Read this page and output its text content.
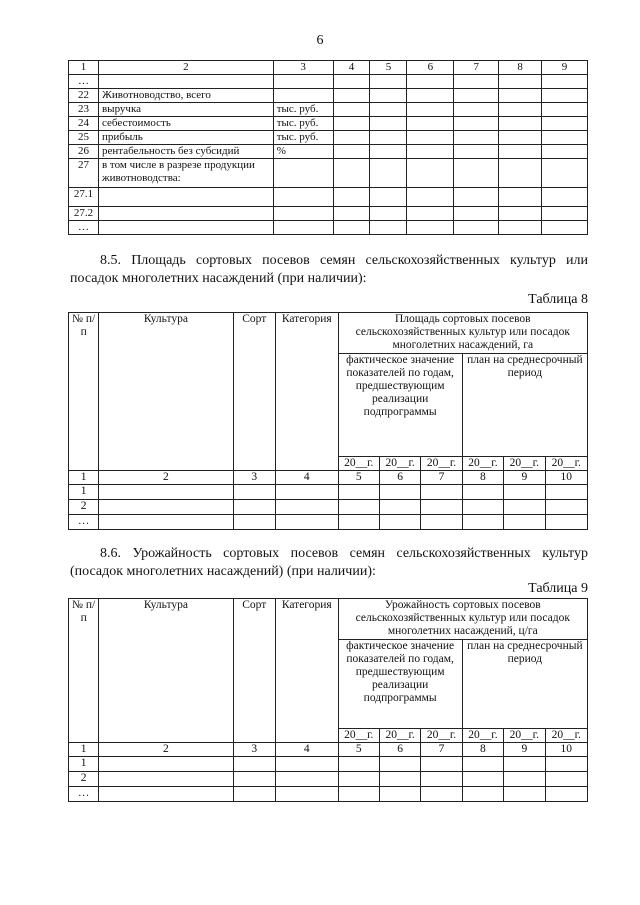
6
1	2	3	4	5	6	7	8	9
…								
22	Животноводство, всего							
23	выручка	тыс. руб.						
24	себестоимость	тыс. руб.						
25	прибыль	тыс. руб.						
26	рентабельность без субсидий	%						
27	в том числе в разрезе продукции животноводства:							
27.1								
27.2								
…								
8.5. Площадь сортовых посевов семян сельскохозяйственных культур или посадок многолетних насаждений (при наличии):
Таблица 8
№ п/п	Культура	Сорт	Категория	Площадь сортовых посевов сельскохозяйственных культур или посадок многолетних насаждений, га					
				фактическое значение показателей по годам, предшествующим реализации подпрограммы			план на среднесрочный период		
				20__г.	20__г.	20__г.	20__г.	20__г.	20__г.
1	2	3	4	5	6	7	8	9	10
1									
2									
…									
8.6. Урожайность сортовых посевов семян сельскохозяйственных культур (посадок многолетних насаждений) (при наличии):
Таблица 9
№ п/п	Культура	Сорт	Категория	Урожайность сортовых посевов сельскохозяйственных культур или посадок многолетних насаждений, ц/га					
				фактическое значение показателей по годам, предшествующим реализации подпрограммы			план на среднесрочный период		
				20__г.	20__г.	20__г.	20__г.	20__г.	20__г.
1	2	3	4	5	6	7	8	9	10
1									
2									
…									
